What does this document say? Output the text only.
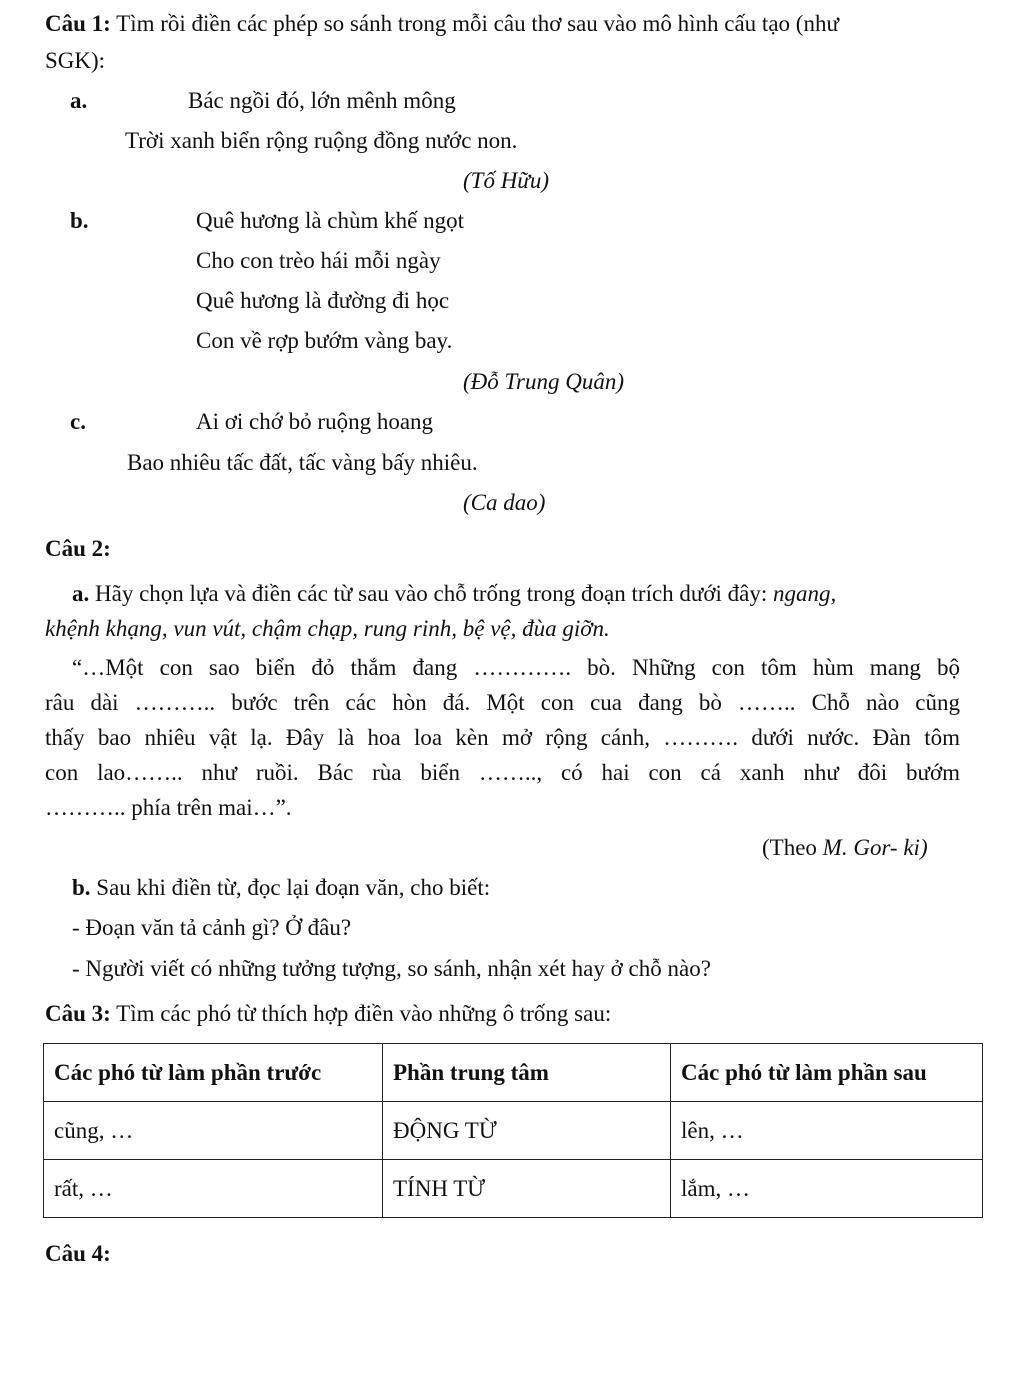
Câu 1: Tìm rồi điền các phép so sánh trong mỗi câu thơ sau vào mô hình cấu tạo (như
SGK):
a.	Bác ngồi đó, lớn mênh mông
Trời xanh biển rộng ruộng đồng nước non.
(Tố Hữu)
b.	Quê hương là chùm khế ngọt
Cho con trèo hái mỗi ngày
Quê hương là đường đi học
Con về rợp bướm vàng bay.
(Đỗ Trung Quân)
c.	Ai ơi chớ bỏ ruộng hoang
Bao nhiêu tấc đất, tấc vàng bấy nhiêu.
(Ca dao)
Câu 2:
a. Hãy chọn lựa và điền các từ sau vào chỗ trống trong đoạn trích dưới đây: ngang,
khệnh khạng, vun vút, chậm chạp, rung rinh, bệ vệ, đùa giỡn.
“…Một con sao biển đỏ thắm đang …………. bò. Những con tôm hùm mang bộ
râu dài ……….. bước trên các hòn đá. Một con cua đang bò …….. Chỗ nào cũng
thấy bao nhiêu vật lạ. Đây là hoa loa kèn mở rộng cánh, ………. dưới nước. Đàn tôm
con lao…….. như ruồi. Bác rùa biển …….., có hai con cá xanh như đôi bướm
……….. phía trên mai…”.
(Theo M. Gor- ki)
b. Sau khi điền từ, đọc lại đoạn văn, cho biết:
- Đoạn văn tả cảnh gì? Ở đâu?
- Người viết có những tưởng tượng, so sánh, nhận xét hay ở chỗ nào?
Câu 3: Tìm các phó từ thích hợp điền vào những ô trống sau:
Các phó từ làm phần trước	Phần trung tâm	Các phó từ làm phần sau
cũng, …	ĐỘNG TỪ	lên, …
rất, …	TÍNH TỪ	lắm, …
Câu 4:
